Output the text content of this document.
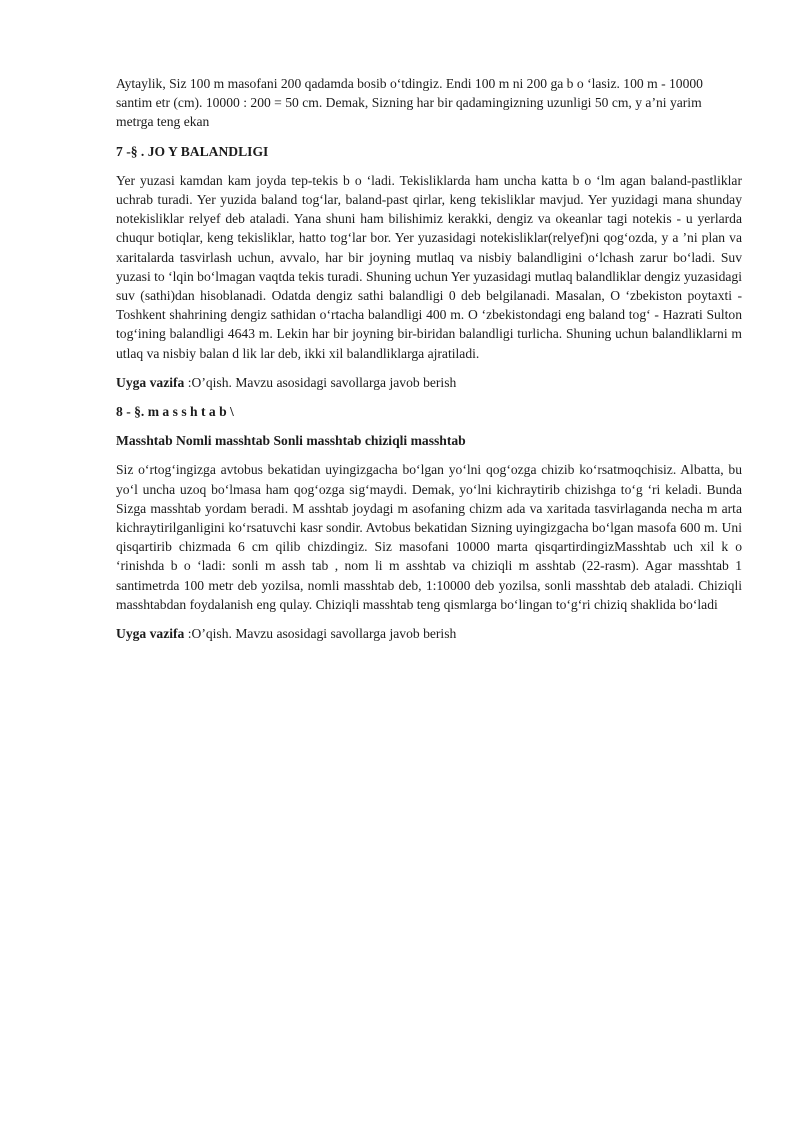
Aytaylik, Siz 100 m masofani 200 qadamda bosib o‘tdingiz. Endi 100 m ni 200 ga b o ‘lasiz. 100 m - 10000 santim etr (cm). 10000 : 200 = 50 cm. Demak, Sizning har bir qadamingizning uzunligi 50 cm, y a’ni yarim metrga teng ekan

7 -§ . JO Y BALANDLIGI

Yer yuzasi kamdan kam joyda tep-tekis b o ‘ladi. Tekisliklarda ham uncha katta b o ‘lm agan baland-pastliklar uchrab turadi. Yer yuzida baland tog‘lar, baland-past qirlar, keng tekisliklar mavjud. Yer yuzidagi mana shunday notekisliklar relyef deb ataladi. Yana shuni ham bilishimiz kerakki, dengiz va okeanlar tagi notekis - u yerlarda chuqur botiqlar, keng tekisliklar, hatto tog‘lar bor. Yer yuzasidagi notekisliklar(relyef)ni qog‘ozda, y a ’ni plan va xaritalarda tasvirlash uchun, avvalo, har bir joyning mutlaq va nisbiy balandligini o‘lchash zarur bo‘ladi. Suv yuzasi to ‘lqin bo‘lmagan vaqtda tekis turadi. Shuning uchun Yer yuzasidagi mutlaq balandliklar dengiz yuzasidagi suv (sathi)dan hisoblanadi. Odatda dengiz sathi balandligi 0 deb belgilanadi. Masalan, O ‘zbekiston poytaxti - Toshkent shahrining dengiz sathidan o‘rtacha balandligi 400 m. O ‘zbekistondagi eng baland tog‘ - Hazrati Sulton tog‘ining balandligi 4643 m. Lekin har bir joyning bir-biridan balandligi turlicha. Shuning uchun balandliklarni m utlaq va nisbiy balan d lik lar deb, ikki xil balandliklarga ajratiladi.

Uyga vazifa :O’qish. Mavzu asosidagi savollarga javob berish

8 - §. m a s s h t a b \

Masshtab Nomli masshtab Sonli masshtab chiziqli masshtab

Siz o‘rtog‘ingizga avtobus bekatidan uyingizgacha bo‘lgan yo‘lni qog‘ozga chizib ko‘rsatmoqchisiz. Albatta, bu yo‘l uncha uzoq bo‘lmasa ham qog‘ozga sig‘maydi. Demak, yo‘lni kichraytirib chizishga to‘g ‘ri keladi. Bunda Sizga masshtab yordam beradi. M asshtab joydagi m asofaning chizm ada va xaritada tasvirlaganda necha m arta kichraytirilganligini ko‘rsatuvchi kasr sondir. Avtobus bekatidan Sizning uyingizgacha bo‘lgan masofa 600 m. Uni qisqartirib chizmada 6 cm qilib chizdingiz. Siz masofani 10000 marta qisqartirdingizMasshtab uch xil k o ‘rinishda b o ‘ladi: sonli m assh tab , nom li m asshtab va chiziqli m asshtab (22-rasm). Agar masshtab 1 santimetrda 100 metr deb yozilsa, nomli masshtab deb, 1:10000 deb yozilsa, sonli masshtab deb ataladi. Chiziqli masshtabdan foydalanish eng qulay. Chiziqli masshtab teng qismlarga bo‘lingan to‘g‘ri chiziq shaklida bo‘ladi

Uyga vazifa :O’qish. Mavzu asosidagi savollarga javob berish
